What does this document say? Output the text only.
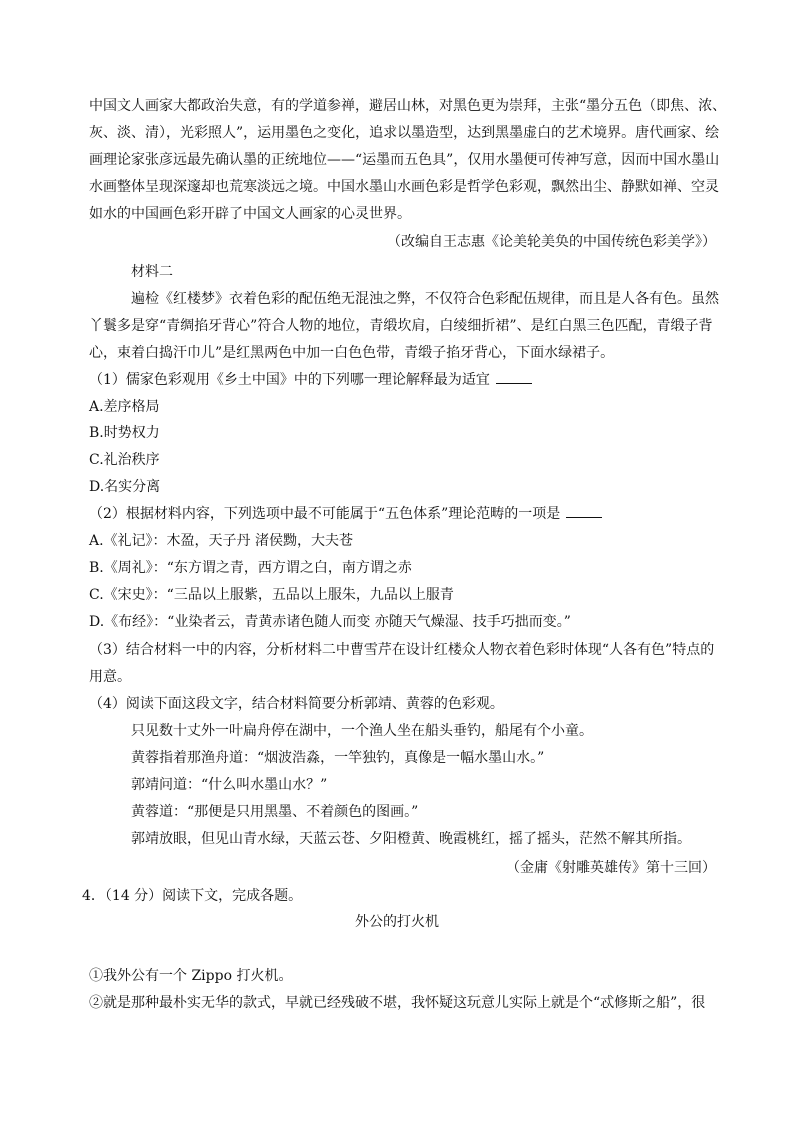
中国文人画家大都政治失意，有的学道参禅，避居山林，对黑色更为崇拜，主张“墨分五色（即焦、浓、
灰、淡、清），光彩照人”，运用墨色之变化，追求以墨造型，达到黑墨虚白的艺术境界。唐代画家、绘
画理论家张彦远最先确认墨的正统地位——“运墨而五色具”，仅用水墨便可传神写意，因而中国水墨山
水画整体呈现深邃却也荒寒淡远之境。中国水墨山水画色彩是哲学色彩观，飘然出尘、静默如禅、空灵
如水的中国画色彩开辟了中国文人画家的心灵世界。
（改编自王志惠《论美轮美奂的中国传统色彩美学》）
材料二
遍检《红楼梦》衣着色彩的配伍绝无混浊之弊，不仅符合色彩配伍规律，而且是人各有色。虽然
丫鬟多是穿“青绸掐牙背心”符合人物的地位，青缎坎肩，白绫细折裙”、是红白黑三色匹配，青缎子背
心，束着白捣汗巾儿”是红黑两色中加一白色色带，青缎子掐牙背心，下面水绿裙子。
（1）儒家色彩观用《乡土中国》中的下列哪一理论解释最为适宜
A.差序格局
B.时势权力
C.礼治秩序
D.名实分离
（2）根据材料内容，下列选项中最不可能属于“五色体系”理论范畴的一项是
A.《礼记》：木盈，天子丹 渚侯黝，大夫苍
B.《周礼》：“东方谓之青，西方谓之白，南方谓之赤
C.《宋史》：“三品以上服紫，五品以上服朱，九品以上服青
D.《布经》：“业染者云，青黄赤诸色随人而变 亦随天气燥湿、技手巧拙而变。”
（3）结合材料一中的内容，分析材料二中曹雪芹在设计红楼众人物衣着色彩时体现“人各有色”特点的
用意。
（4）阅读下面这段文字，结合材料简要分析郭靖、黄蓉的色彩观。
只见数十丈外一叶扁舟停在湖中，一个渔人坐在船头垂钓，船尾有个小童。
黄蓉指着那渔舟道：“烟波浩淼，一竿独钓，真像是一幅水墨山水。”
郭靖问道：“什么叫水墨山水？”
黄蓉道：“那便是只用黑墨、不着颜色的图画。”
郭靖放眼，但见山青水绿，天蓝云苍、夕阳橙黄、晚霞桃红，摇了摇头，茫然不解其所指。
（金庸《射雕英雄传》第十三回）
4．（14 分）阅读下文，完成各题。
外公的打火机
①我外公有一个 Zippo 打火机。
②就是那种最朴实无华的款式，早就已经残破不堪，我怀疑这玩意儿实际上就是个“忒修斯之船”，很
